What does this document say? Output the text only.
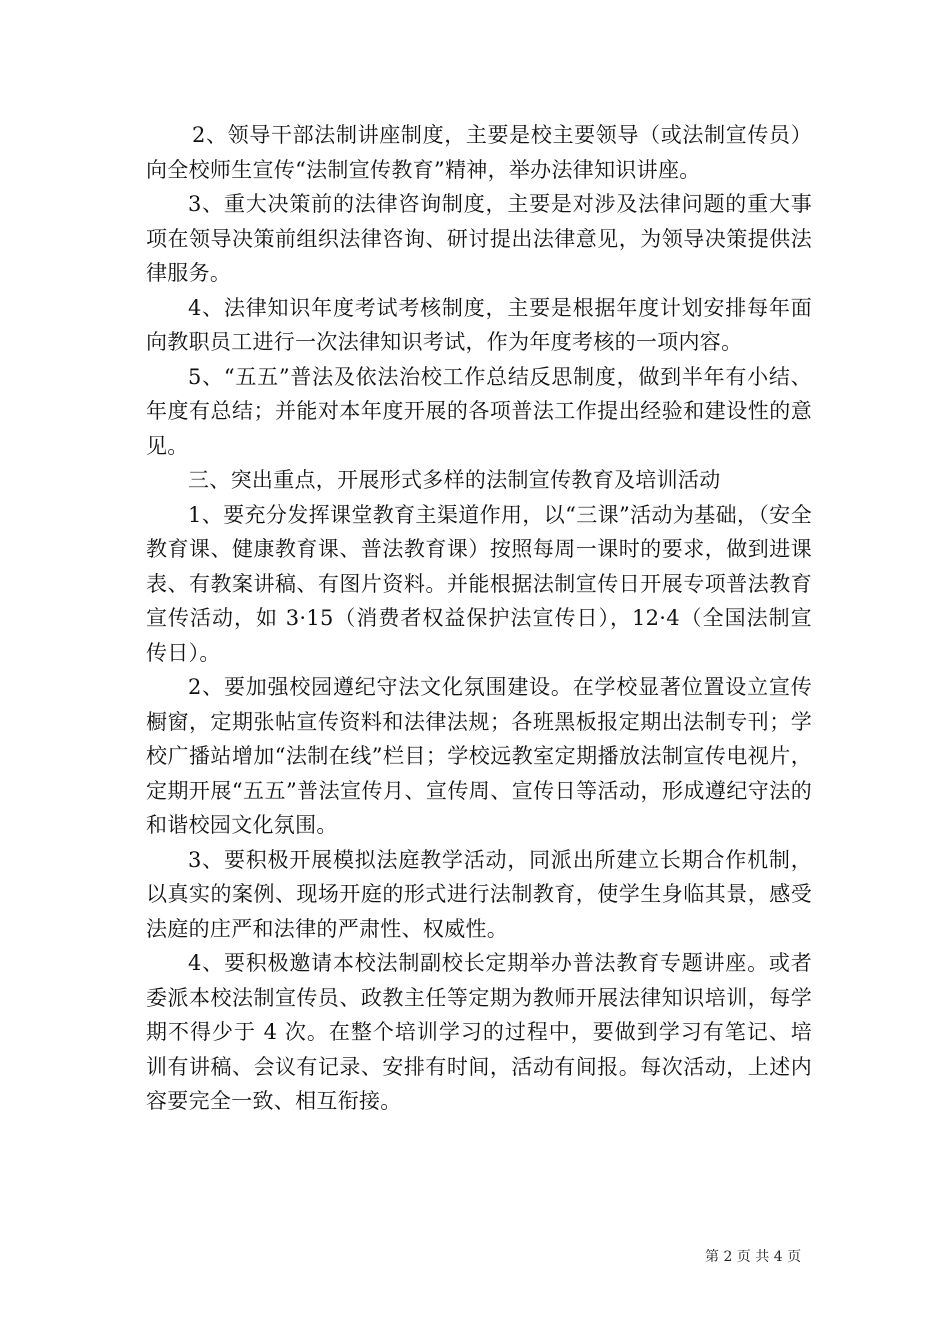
2、领导干部法制讲座制度，主要是校主要领导（或法制宣传员）向全校师生宣传“法制宣传教育”精神，举办法律知识讲座。

3、重大决策前的法律咨询制度，主要是对涉及法律问题的重大事项在领导决策前组织法律咨询、研讨提出法律意见，为领导决策提供法律服务。

4、法律知识年度考试考核制度，主要是根据年度计划安排每年面向教职员工进行一次法律知识考试，作为年度考核的一项内容。

5、“五五”普法及依法治校工作总结反思制度，做到半年有小结、年度有总结；并能对本年度开展的各项普法工作提出经验和建设性的意见。

三、突出重点，开展形式多样的法制宣传教育及培训活动

1、要充分发挥课堂教育主渠道作用，以“三课”活动为基础，（安全教育课、健康教育课、普法教育课）按照每周一课时的要求，做到进课表、有教案讲稿、有图片资料。并能根据法制宣传日开展专项普法教育宣传活动，如 3·15（消费者权益保护法宣传日），12·4（全国法制宣传日）。

2、要加强校园遵纪守法文化氛围建设。在学校显著位置设立宣传橱窗，定期张帖宣传资料和法律法规；各班黑板报定期出法制专刊；学校广播站增加“法制在线”栏目；学校远教室定期播放法制宣传电视片，定期开展“五五”普法宣传月、宣传周、宣传日等活动，形成遵纪守法的和谐校园文化氛围。

3、要积极开展模拟法庭教学活动，同派出所建立长期合作机制，以真实的案例、现场开庭的形式进行法制教育，使学生身临其景，感受法庭的庄严和法律的严肃性、权威性。

4、要积极邀请本校法制副校长定期举办普法教育专题讲座。或者委派本校法制宣传员、政教主任等定期为教师开展法律知识培训，每学期不得少于 4 次。在整个培训学习的过程中，要做到学习有笔记、培训有讲稿、会议有记录、安排有时间，活动有间报。每次活动，上述内容要完全一致、相互衔接。

第 2 页 共 4 页
